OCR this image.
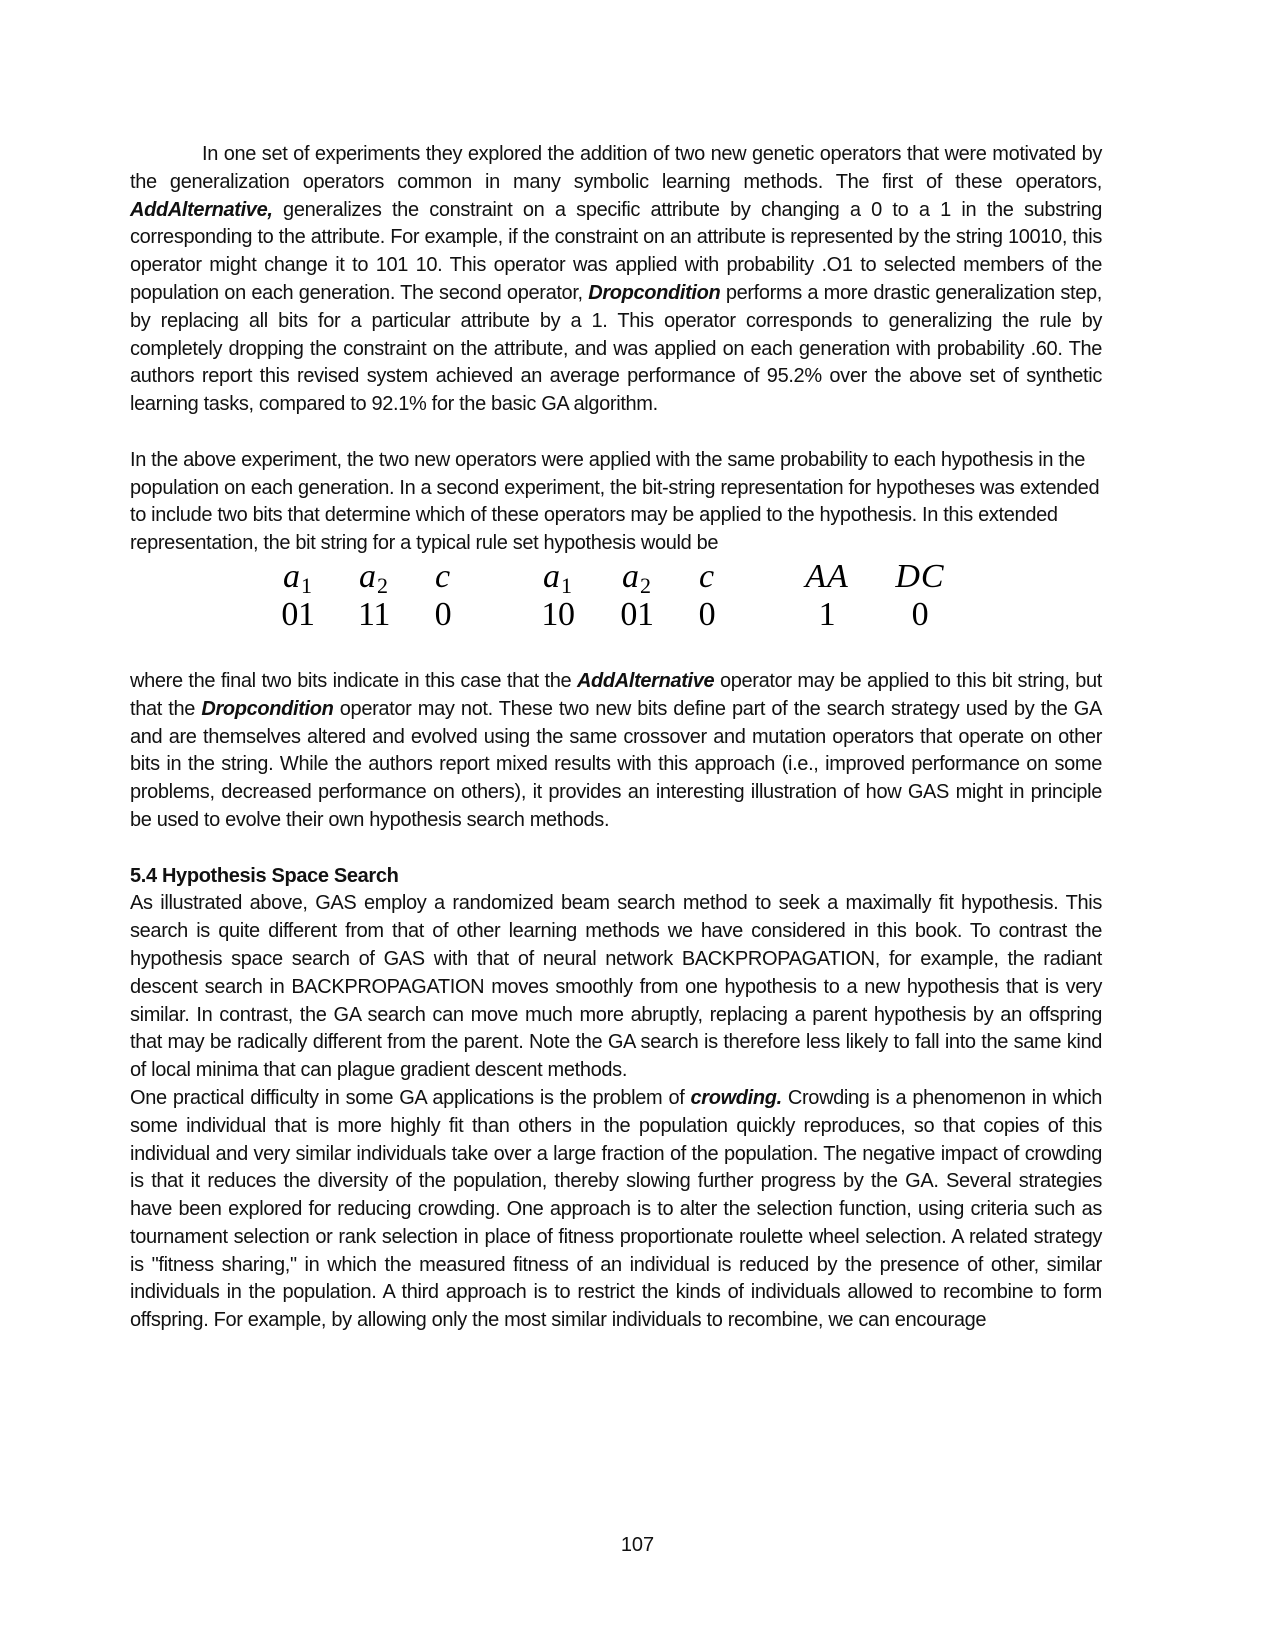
In one set of experiments they explored the addition of two new genetic operators that were motivated by the generalization operators common in many symbolic learning methods. The first of these operators, AddAlternative, generalizes the constraint on a specific attribute by changing a 0 to a 1 in the substring corresponding to the attribute. For example, if the constraint on an attribute is represented by the string 10010, this operator might change it to 101 10. This operator was applied with probability .O1 to selected members of the population on each generation. The second operator, Dropcondition performs a more drastic generalization step, by replacing all bits for a particular attribute by a 1. This operator corresponds to generalizing the rule by completely dropping the constraint on the attribute, and was applied on each generation with probability .60. The authors report this revised system achieved an average performance of 95.2% over the above set of synthetic learning tasks, compared to 92.1% for the basic GA algorithm.

In the above experiment, the two new operators were applied with the same probability to each hypothesis in the population on each generation. In a second experiment, the bit-string representation for hypotheses was extended to include two bits that determine which of these operators may be applied to the hypothesis. In this extended representation, the bit string for a typical rule set hypothesis would be

$a_1$
01
$a_2$
11
c
0
$a_1$
10
$a_2$
01
c
0
AA
1
DC
0

where the final two bits indicate in this case that the AddAlternative operator may be applied to this bit string, but that the Dropcondition operator may not. These two new bits define part of the search strategy used by the GA and are themselves altered and evolved using the same crossover and mutation operators that operate on other bits in the string. While the authors report mixed results with this approach (i.e., improved performance on some problems, decreased performance on others), it provides an interesting illustration of how GAS might in principle be used to evolve their own hypothesis search methods.

5.4 Hypothesis Space Search

As illustrated above, GAS employ a randomized beam search method to seek a maximally fit hypothesis. This search is quite different from that of other learning methods we have considered in this book. To contrast the hypothesis space search of GAS with that of neural network BACKPROPAGATION, for example, the radiant descent search in BACKPROPAGATION moves smoothly from one hypothesis to a new hypothesis that is very similar. In contrast, the GA search can move much more abruptly, replacing a parent hypothesis by an offspring that may be radically different from the parent. Note the GA search is therefore less likely to fall into the same kind of local minima that can plague gradient descent methods.

One practical difficulty in some GA applications is the problem of crowding. Crowding is a phenomenon in which some individual that is more highly fit than others in the population quickly reproduces, so that copies of this individual and very similar individuals take over a large fraction of the population. The negative impact of crowding is that it reduces the diversity of the population, thereby slowing further progress by the GA. Several strategies have been explored for reducing crowding. One approach is to alter the selection function, using criteria such as tournament selection or rank selection in place of fitness proportionate roulette wheel selection. A related strategy is "fitness sharing," in which the measured fitness of an individual is reduced by the presence of other, similar individuals in the population. A third approach is to restrict the kinds of individuals allowed to recombine to form offspring. For example, by allowing only the most similar individuals to recombine, we can encourage

107
